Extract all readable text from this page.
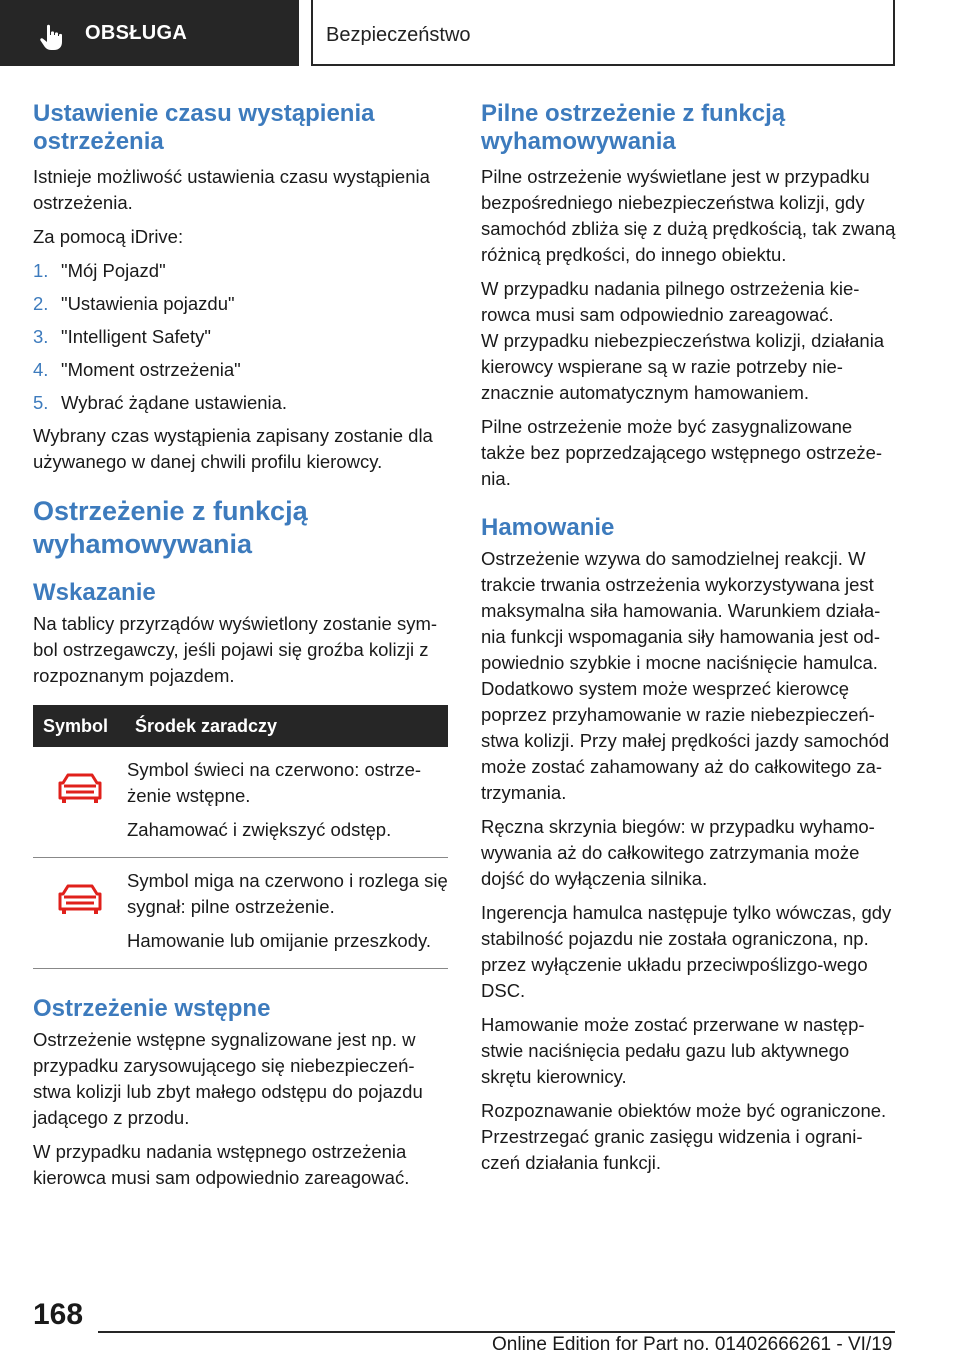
OBSŁUGA	Bezpieczeństwo
Ustawienie czasu wystąpienia ostrzeżenia

Istnieje możliwość ustawienia czasu wystąpienia ostrzeżenia.

Za pomocą iDrive:

1. "Mój Pojazd"
2. "Ustawienia pojazdu"
3. "Intelligent Safety"
4. "Moment ostrzeżenia"
5. Wybrać żądane ustawienia.

Wybrany czas wystąpienia zapisany zostanie dla używanego w danej chwili profilu kierowcy.

Ostrzeżenie z funkcją wyhamowywania
Wskazanie

Na tablicy przyrządów wyświetlony zostanie sym‐bol ostrzegawczy, jeśli pojawi się groźba kolizji z rozpoznanym pojazdem.

Symbol	Środek zaradczy

Symbol świeci na czerwono: ostrze‐żenie wstępne.

Zahamować i zwiększyć odstęp.

Symbol miga na czerwono i rozlega się sygnał: pilne ostrzeżenie.

Hamowanie lub omijanie przeszkody.

Ostrzeżenie wstępne

Ostrzeżenie wstępne sygnalizowane jest np. w przypadku zarysowującego się niebezpieczeń‐stwa kolizji lub zbyt małego odstępu do pojazdu jadącego z przodu.

W przypadku nadania wstępnego ostrzeżenia kierowca musi sam odpowiednio zareagować.

Pilne ostrzeżenie z funkcją wyhamowywania

Pilne ostrzeżenie wyświetlane jest w przypadku bezpośredniego niebezpieczeństwa kolizji, gdy samochód zbliża się z dużą prędkością, tak zwaną różnicą prędkości, do innego obiektu.

W przypadku nadania pilnego ostrzeżenia kie‐rowca musi sam odpowiednio zareagować.

W przypadku niebezpieczeństwa kolizji, działania kierowcy wspierane są w razie potrzeby nie‐znacznie automatycznym hamowaniem.

Pilne ostrzeżenie może być zasygnalizowane także bez poprzedzającego wstępnego ostrzeże‐nia.

Hamowanie

Ostrzeżenie wzywa do samodzielnej reakcji. W trakcie trwania ostrzeżenia wykorzystywana jest maksymalna siła hamowania. Warunkiem działa‐nia funkcji wspomagania siły hamowania jest od‐powiednio szybkie i mocne naciśnięcie hamulca. Dodatkowo system może wesprzeć kierowcę poprzez przyhamowanie w razie niebezpieczeń‐stwa kolizji. Przy małej prędkości jazdy samochód może zostać zahamowany aż do całkowitego za‐trzymania.

Ręczna skrzynia biegów: w przypadku wyhamo‐wywania aż do całkowitego zatrzymania może dojść do wyłączenia silnika.

Ingerencja hamulca następuje tylko wówczas, gdy stabilność pojazdu nie została ograniczona, np. przez wyłączenie układu przeciwpoślizgo‐wego DSC.

Hamowanie może zostać przerwane w następ‐stwie naciśnięcia pedału gazu lub aktywnego skrętu kierownicy.

Rozpoznawanie obiektów może być ograniczone. Przestrzegać granic zasięgu widzenia i ograni‐czeń działania funkcji.

168
Online Edition for Part no. 01402666261 - VI/19
